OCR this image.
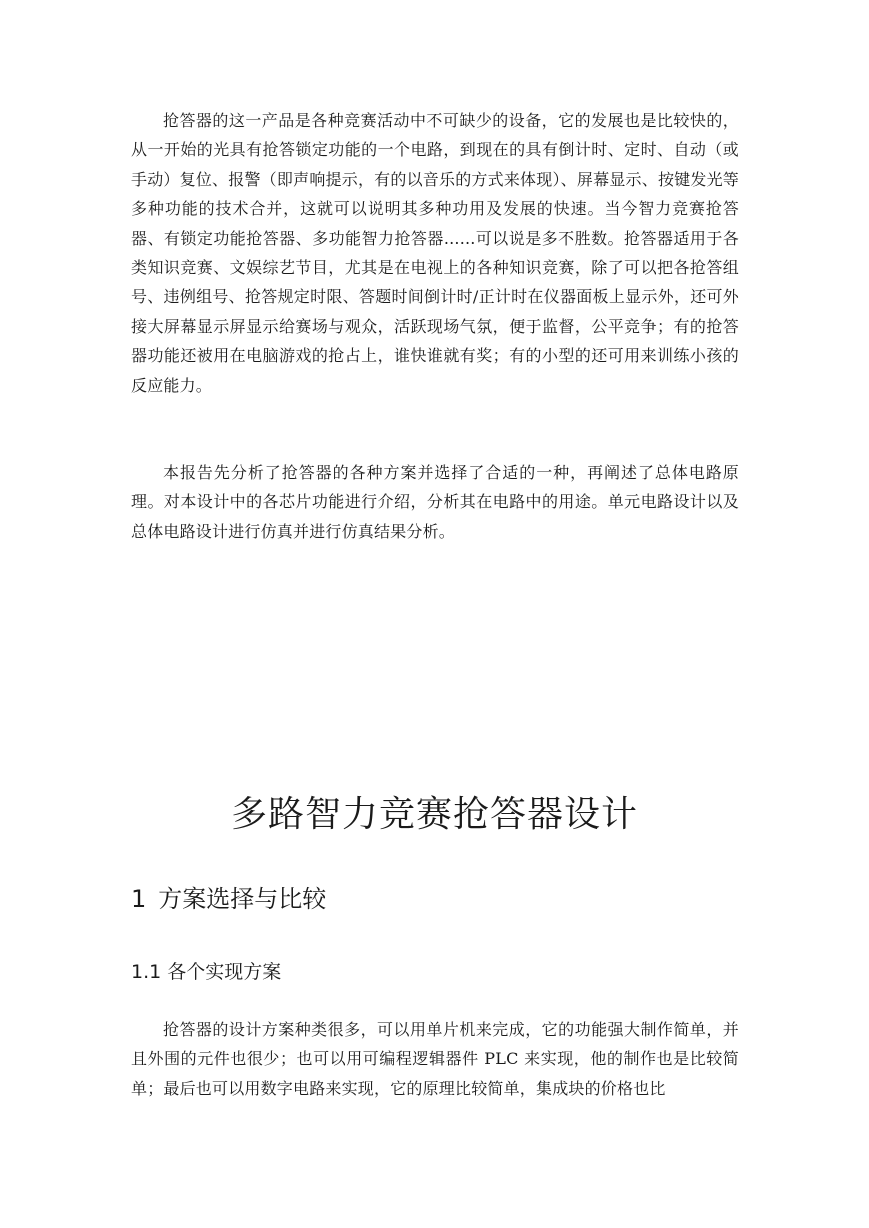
抢答器的这一产品是各种竞赛活动中不可缺少的设备，它的发展也是比较快的，从一开始的光具有抢答锁定功能的一个电路，到现在的具有倒计时、定时、自动（或手动）复位、报警（即声响提示，有的以音乐的方式来体现）、屏幕显示、按键发光等多种功能的技术合并，这就可以说明其多种功用及发展的快速。当今智力竞赛抢答器、有锁定功能抢答器、多功能智力抢答器......可以说是多不胜数。抢答器适用于各类知识竞赛、文娱综艺节目，尤其是在电视上的各种知识竞赛，除了可以把各抢答组号、违例组号、抢答规定时限、答题时间倒计时/正计时在仪器面板上显示外，还可外接大屏幕显示屏显示给赛场与观众，活跃现场气氛，便于监督，公平竞争；有的抢答器功能还被用在电脑游戏的抢占上，谁快谁就有奖；有的小型的还可用来训练小孩的反应能力。

本报告先分析了抢答器的各种方案并选择了合适的一种，再阐述了总体电路原理。对本设计中的各芯片功能进行介绍，分析其在电路中的用途。单元电路设计以及总体电路设计进行仿真并进行仿真结果分析。

多路智力竞赛抢答器设计
1 方案选择与比较
1.1 各个实现方案

抢答器的设计方案种类很多，可以用单片机来完成，它的功能强大制作简单，并且外围的元件也很少；也可以用可编程逻辑器件 PLC 来实现，他的制作也是比较简单；最后也可以用数字电路来实现，它的原理比较简单，集成块的价格也比
